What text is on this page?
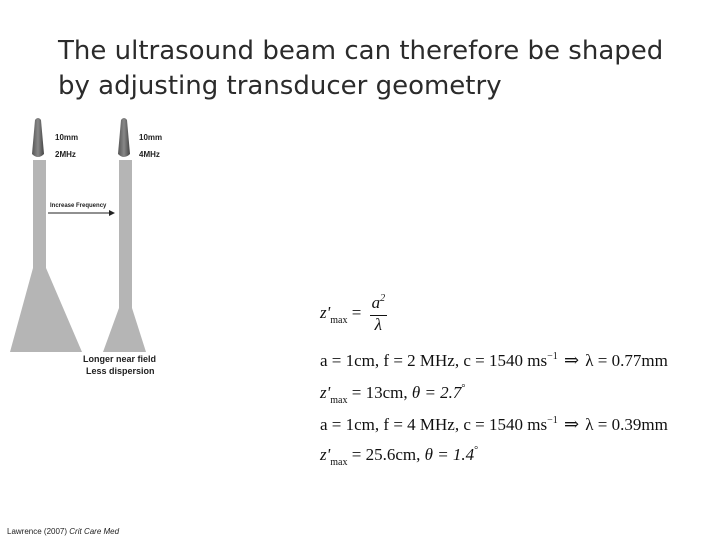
The ultrasound beam can therefore be shaped
by adjusting transducer geometry
10mm
2MHz
10mm
4MHz
Increase Frequency
Longer near field
Less dispersion
$z'_{max} = \frac{a^2}{\lambda}$
a = 1cm, f = 2 MHz, c = 1540 $ms^{-1}$ ⇒ λ = 0.77mm
$z'_{max} = 13cm$, θ = 2.7°
a = 1cm, f = 4 MHz, c = 1540 $ms^{-1}$ ⇒ λ = 0.39mm
$z'_{max} = 25.6cm$, θ = 1.4°
Lawrence (2007) Crit Care Med
